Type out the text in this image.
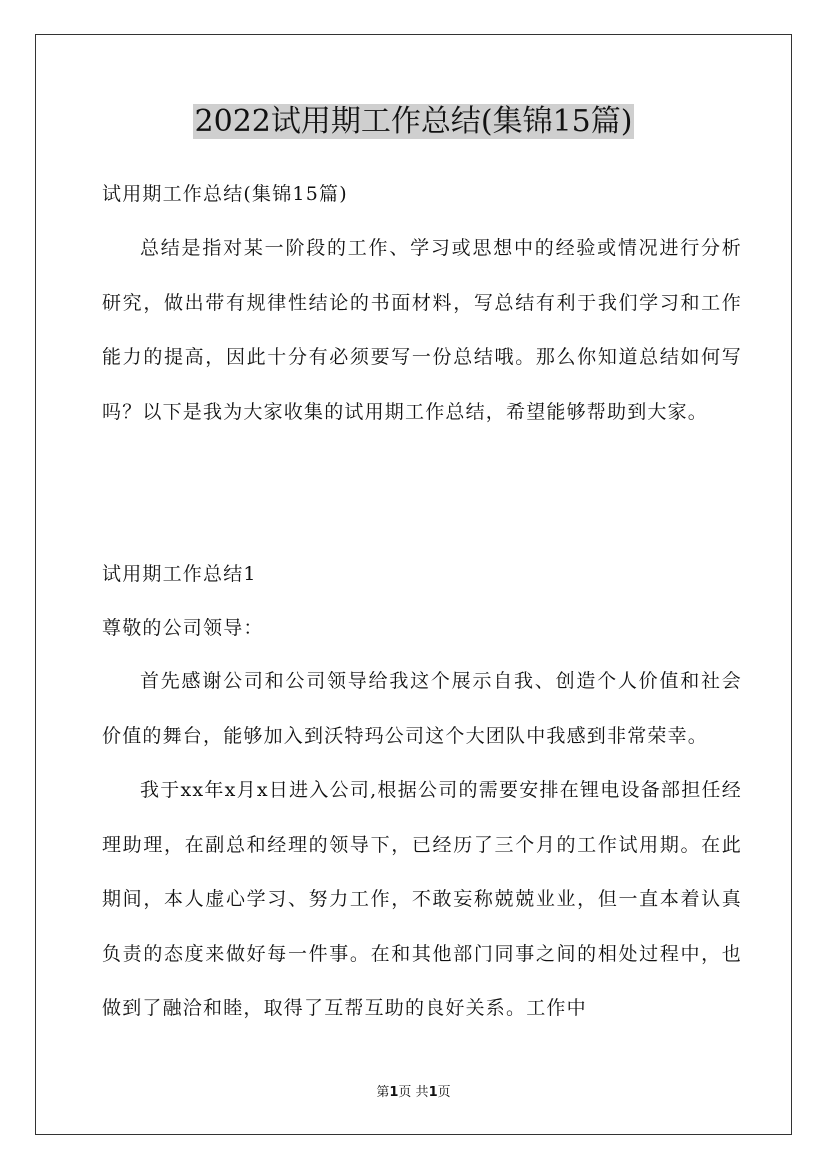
2022试用期工作总结(集锦15篇)

试用期工作总结(集锦15篇)

总结是指对某一阶段的工作、学习或思想中的经验或情况进行分析研究，做出带有规律性结论的书面材料，写总结有利于我们学习和工作能力的提高，因此十分有必须要写一份总结哦。那么你知道总结如何写吗？以下是我为大家收集的试用期工作总结，希望能够帮助到大家。

试用期工作总结1

尊敬的公司领导：

首先感谢公司和公司领导给我这个展示自我、创造个人价值和社会价值的舞台，能够加入到沃特玛公司这个大团队中我感到非常荣幸。

我于xx年x月x日进入公司,根据公司的需要安排在锂电设备部担任经理助理，在副总和经理的领导下，已经历了三个月的工作试用期。在此期间，本人虚心学习、努力工作，不敢妄称兢兢业业，但一直本着认真负责的态度来做好每一件事。在和其他部门同事之间的相处过程中，也做到了融洽和睦，取得了互帮互助的良好关系。工作中

第1页 共1页
